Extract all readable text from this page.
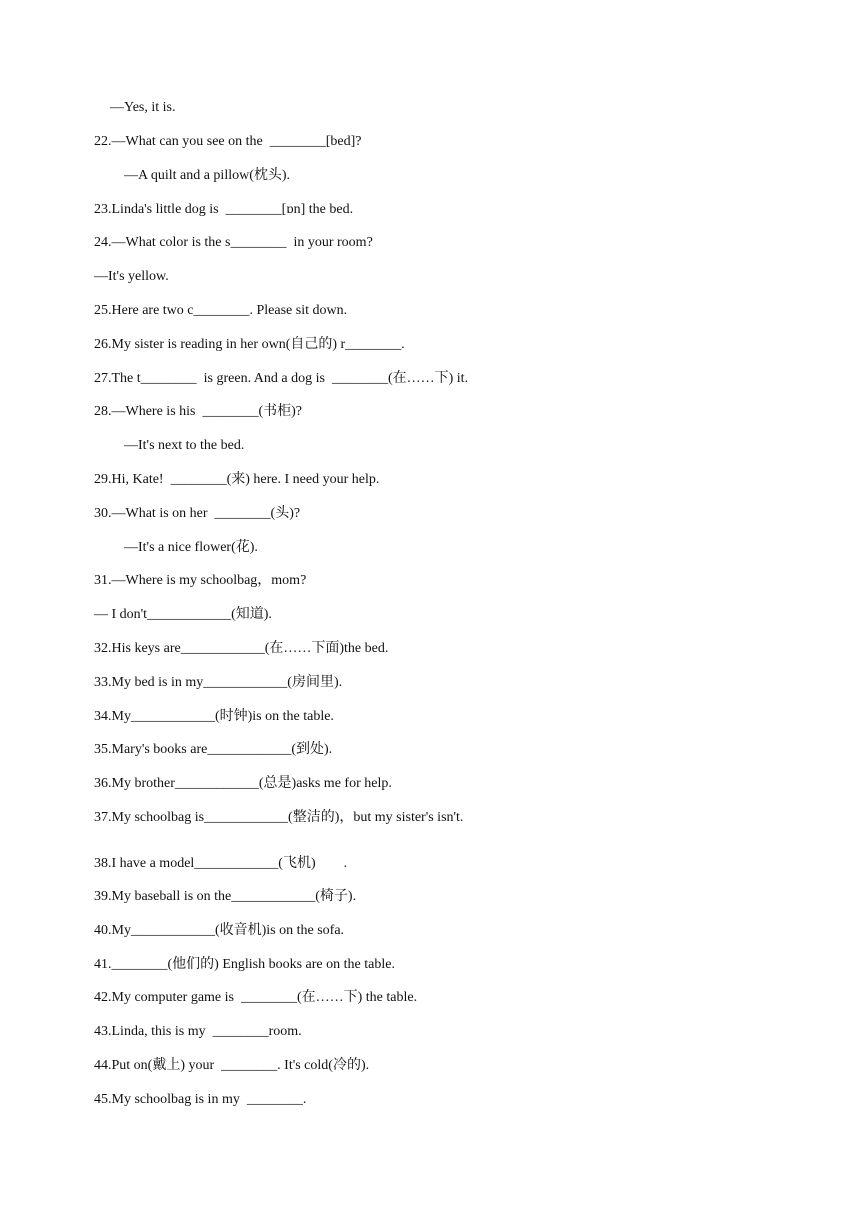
—Yes, it is.
22.—What can you see on the  ________[bed]?
—A quilt and a pillow(枕头).
23.Linda's little dog is  ________[ɒn] the bed.
24.—What color is the s________  in your room?
—It's yellow.
25.Here are two c________. Please sit down.
26.My sister is reading in her own(自己的) r________.
27.The t________  is green. And a dog is  ________(在……下) it.
28.—Where is his  ________(书柜)?
—It's next to the bed.
29.Hi, Kate!  ________(来) here. I need your help.
30.—What is on her  ________(头)?
—It's a nice flower(花).
31.—Where is my schoolbag，mom?
— I don't____________(知道).
32.His keys are____________(在……下面)the bed.
33.My bed is in my____________(房间里).
34.My____________(时钟)is on the table.
35.Mary's books are____________(到处).
36.My brother____________(总是)asks me for help.
37.My schoolbag is____________(整洁的)，but my sister's isn't.
38.I have a model____________(飞机)        .
39.My baseball is on the____________(椅子).
40.My____________(收音机)is on the sofa.
41.________(他们的) English books are on the table.
42.My computer game is  ________(在……下) the table.
43.Linda, this is my  ________room.
44.Put on(戴上) your  ________. It's cold(冷的).
45.My schoolbag is in my  ________.
